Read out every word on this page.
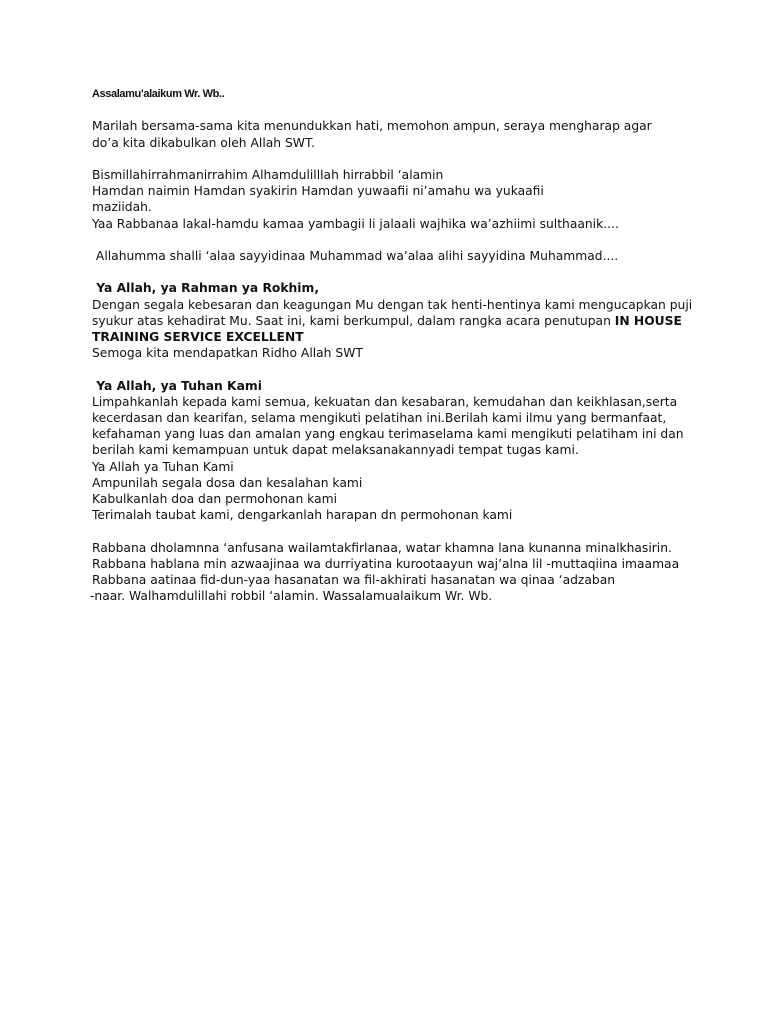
Assalamu’alaikum Wr. Wb..
Marilah bersama-sama kita menundukkan hati, memohon ampun, seraya mengharap agar
do’a kita dikabulkan oleh Allah SWT.
Bismillahirrahmanirrahim Alhamdulilllah hirrabbil ‘alamin
Hamdan naimin Hamdan syakirin Hamdan yuwaafii ni’amahu wa yukaafii
maziidah.
Yaa Rabbanaa lakal-hamdu kamaa yambagii li jalaali wajhika wa’azhiimi sulthaanik....
Allahumma shalli ‘alaa sayyidinaa Muhammad wa’alaa alihi sayyidina Muhammad....
Ya Allah, ya Rahman ya Rokhim,
Dengan segala kebesaran dan keagungan Mu dengan tak henti-hentinya kami mengucapkan puji
syukur atas kehadirat Mu. Saat ini, kami berkumpul, dalam rangka acara penutupan IN HOUSE
TRAINING SERVICE EXCELLENT
Semoga kita mendapatkan Ridho Allah SWT
Ya Allah, ya Tuhan Kami
Limpahkanlah kepada kami semua, kekuatan dan kesabaran, kemudahan dan keikhlasan,serta
kecerdasan dan kearifan, selama mengikuti pelatihan ini.Berilah kami ilmu yang bermanfaat,
kefahaman yang luas dan amalan yang engkau terimaselama kami mengikuti pelatiham ini dan
berilah kami kemampuan untuk dapat melaksanakannyadi tempat tugas kami.
Ya Allah ya Tuhan Kami
Ampunilah segala dosa dan kesalahan kami
Kabulkanlah doa dan permohonan kami
Terimalah taubat kami, dengarkanlah harapan dn permohonan kami
Rabbana dholamnna ‘anfusana wailamtakfirlanaa, watar khamna lana kunanna minalkhasirin.
Rabbana hablana min azwaajinaa wa durriyatina kurootaayun waj’alna lil -muttaqiina imaamaa
Rabbana aatinaa fid-dun-yaa hasanatan wa fil-akhirati hasanatan wa qinaa ‘adzaban
-naar. Walhamdulillahi robbil ‘alamin. Wassalamualaikum Wr. Wb.
